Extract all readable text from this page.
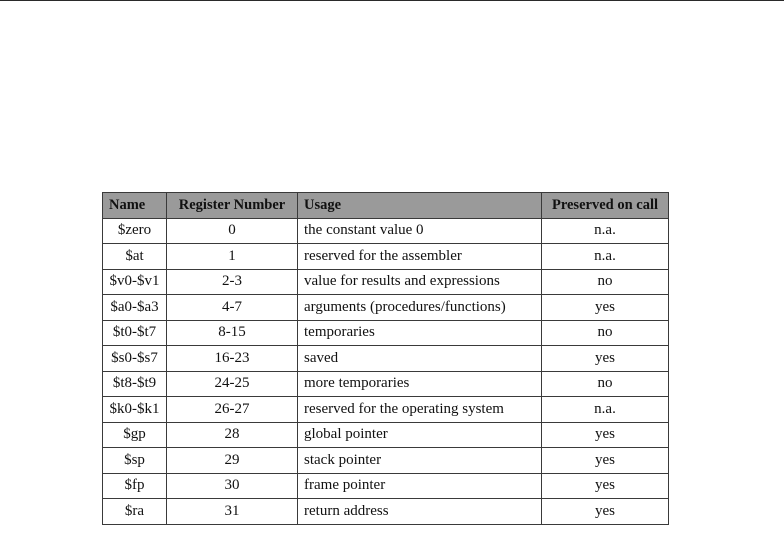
Name	Register Number	Usage	Preserved on call
$zero	0	the constant value 0	n.a.
$at	1	reserved for the assembler	n.a.
$v0-$v1	2-3	value for results and expressions	no
$a0-$a3	4-7	arguments (procedures/functions)	yes
$t0-$t7	8-15	temporaries	no
$s0-$s7	16-23	saved	yes
$t8-$t9	24-25	more temporaries	no
$k0-$k1	26-27	reserved for the operating system	n.a.
$gp	28	global pointer	yes
$sp	29	stack pointer	yes
$fp	30	frame pointer	yes
$ra	31	return address	yes
